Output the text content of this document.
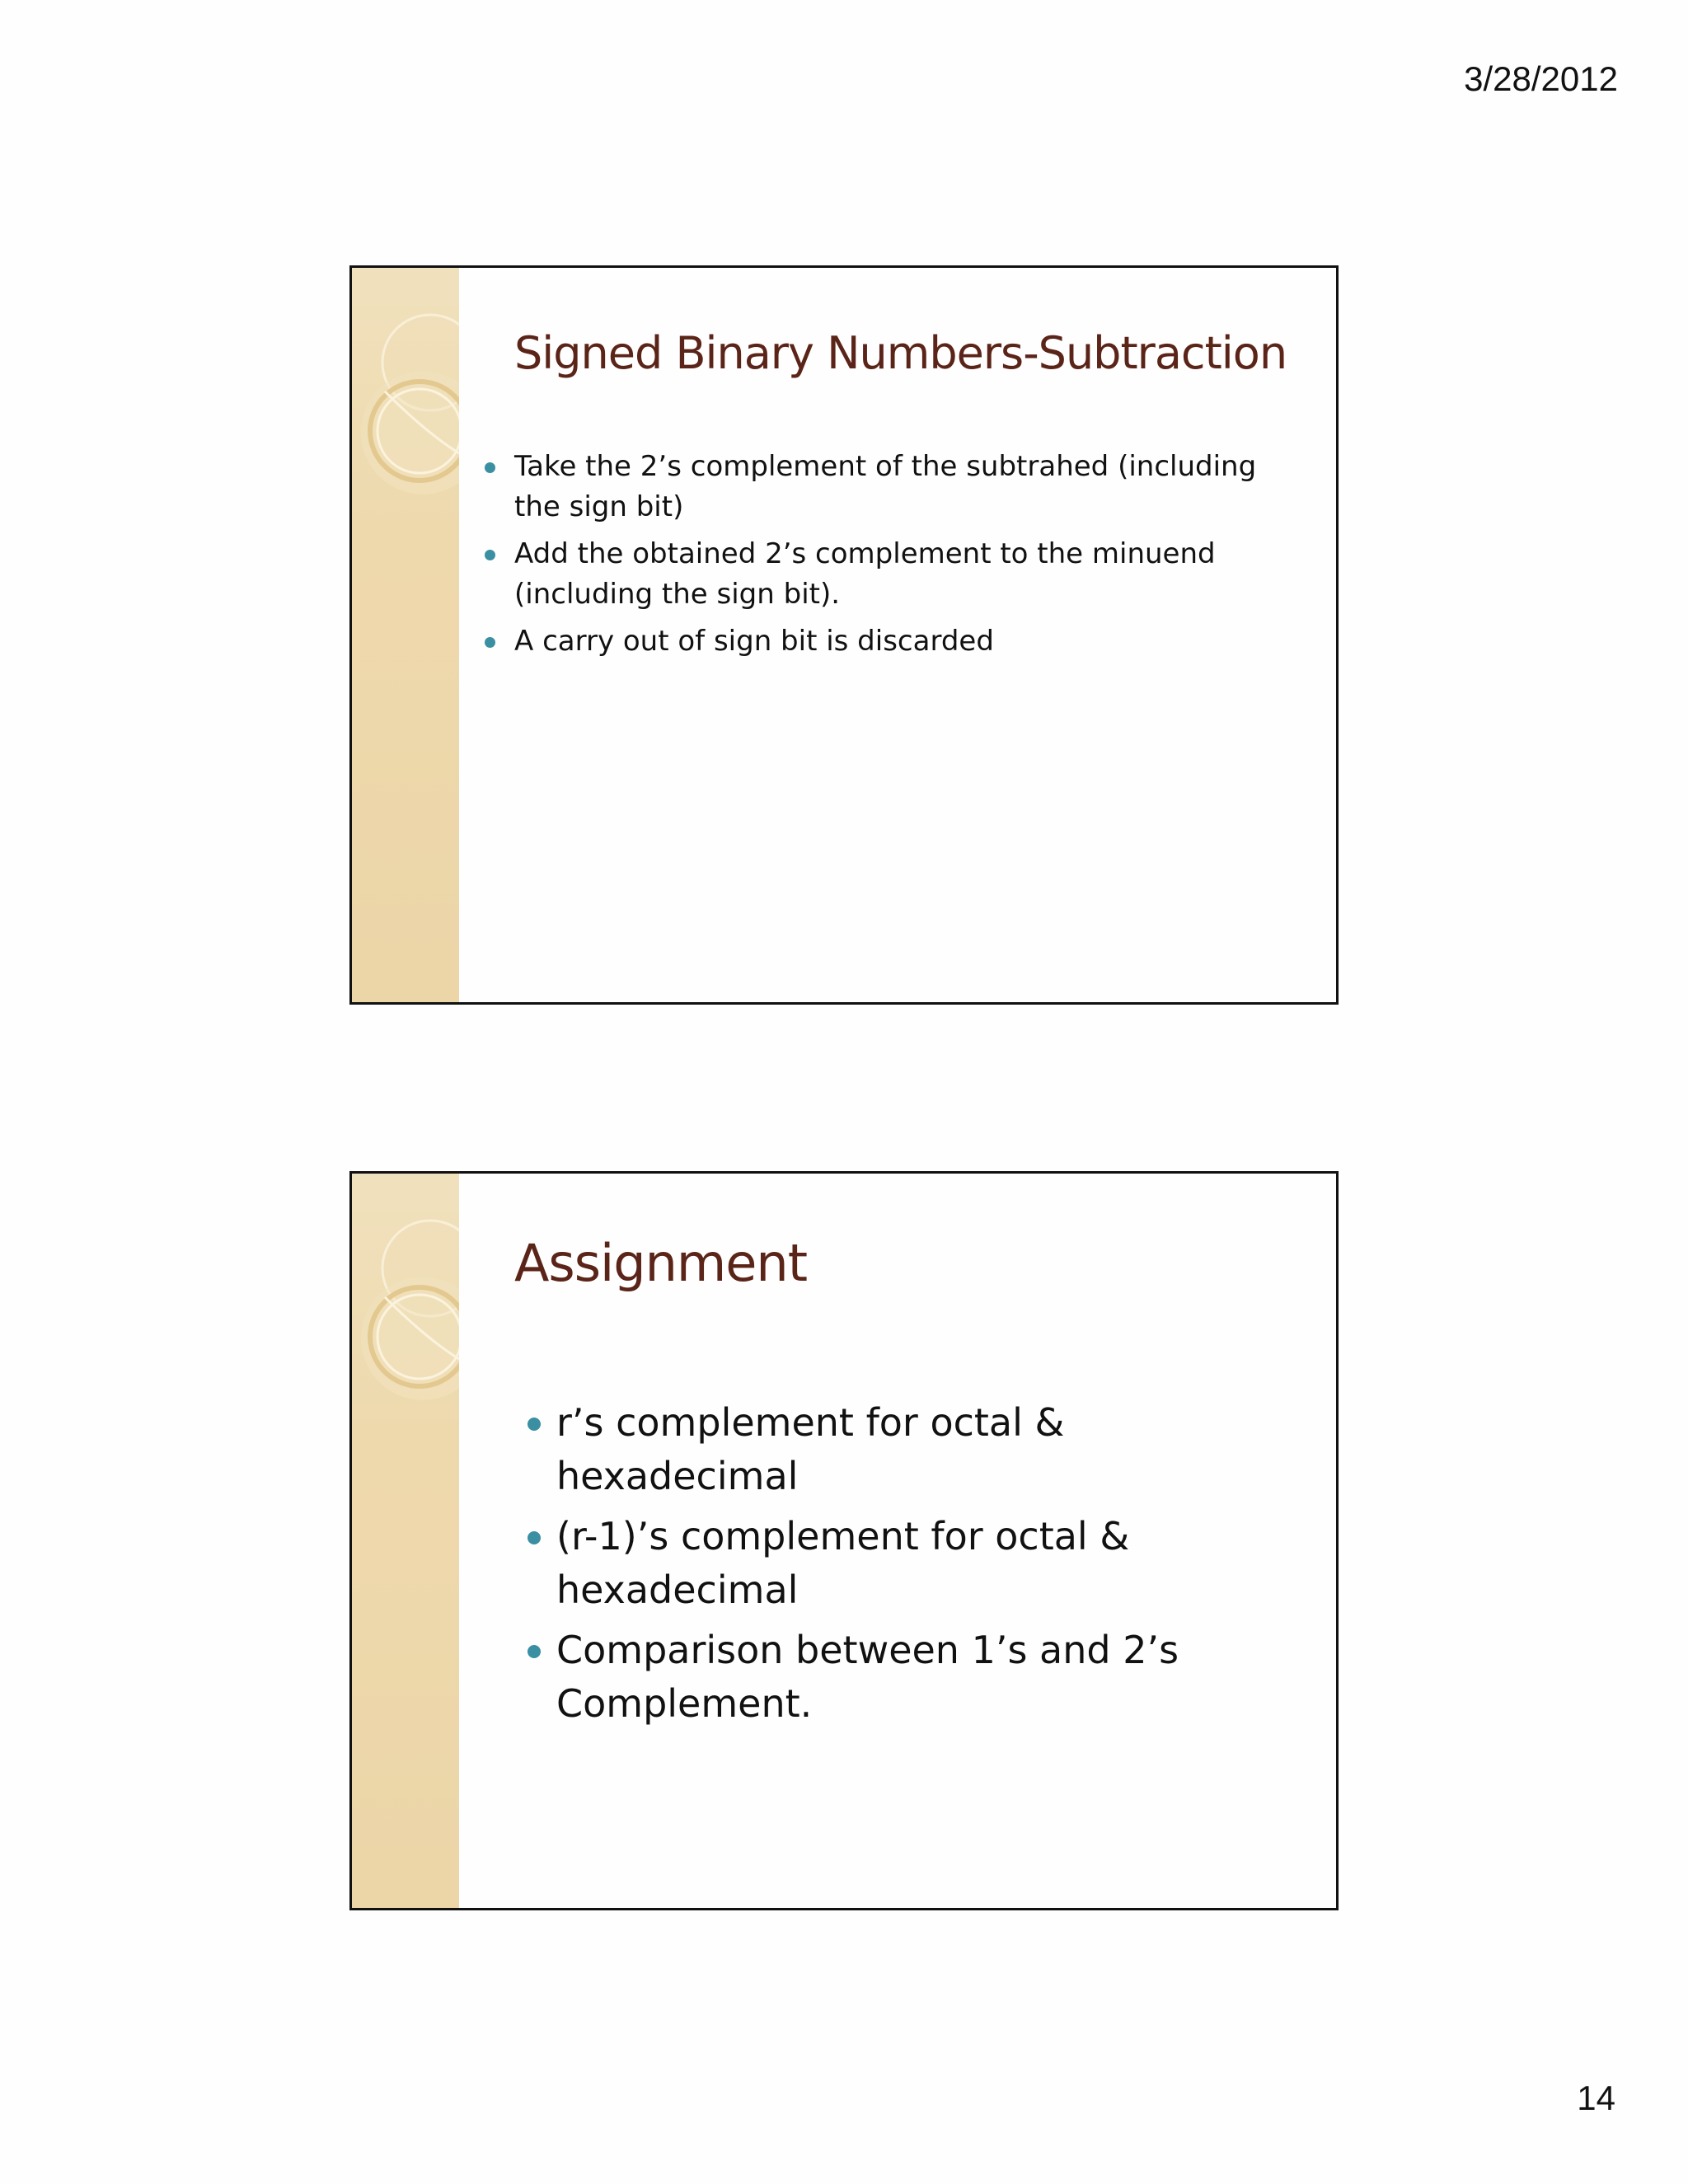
3/28/2012
Signed Binary Numbers-Subtraction
Take the 2’s complement of the subtrahed (including the sign bit)
Add the obtained 2’s complement to the minuend (including the sign bit).
A carry out of sign bit is discarded
Assignment
r’s complement for octal & hexadecimal
(r-1)’s complement for octal & hexadecimal
Comparison between 1’s and 2’s Complement.
14
